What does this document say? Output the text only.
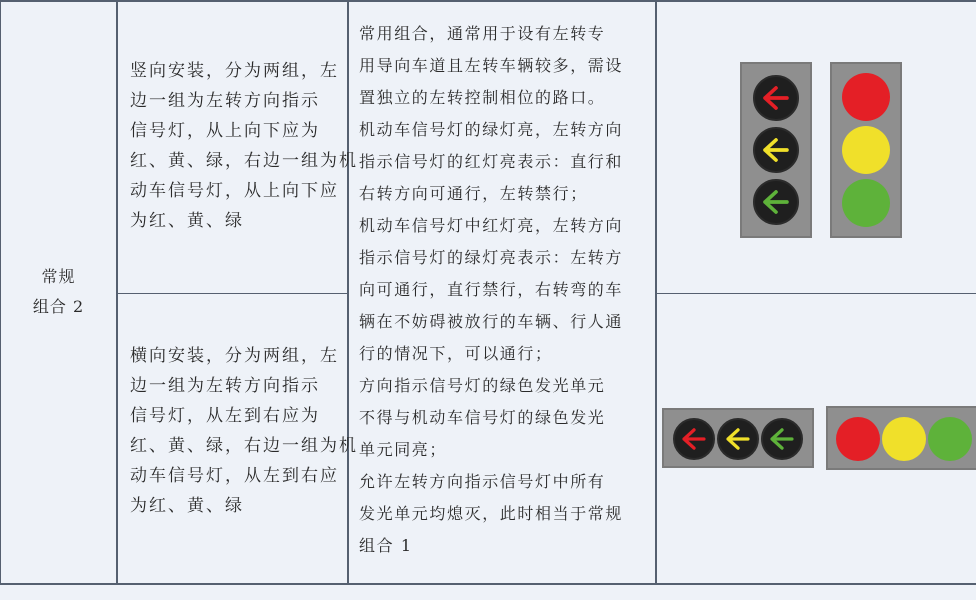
常规
组合 2
竖向安装，分为两组，左
边一组为左转方向指示
信号灯，从上向下应为
红、黄、绿，右边一组为机
动车信号灯，从上向下应
为红、黄、绿
横向安装，分为两组，左
边一组为左转方向指示
信号灯，从左到右应为
红、黄、绿，右边一组为机
动车信号灯，从左到右应
为红、黄、绿
常用组合，通常用于设有左转专
用导向车道且左转车辆较多，需设
置独立的左转控制相位的路口。
机动车信号灯的绿灯亮，左转方向
指示信号灯的红灯亮表示：直行和
右转方向可通行，左转禁行；
机动车信号灯中红灯亮，左转方向
指示信号灯的绿灯亮表示：左转方
向可通行，直行禁行，右转弯的车
辆在不妨碍被放行的车辆、行人通
行的情况下，可以通行；
方向指示信号灯的绿色发光单元
不得与机动车信号灯的绿色发光
单元同亮；
允许左转方向指示信号灯中所有
发光单元均熄灭，此时相当于常规
组合 1
